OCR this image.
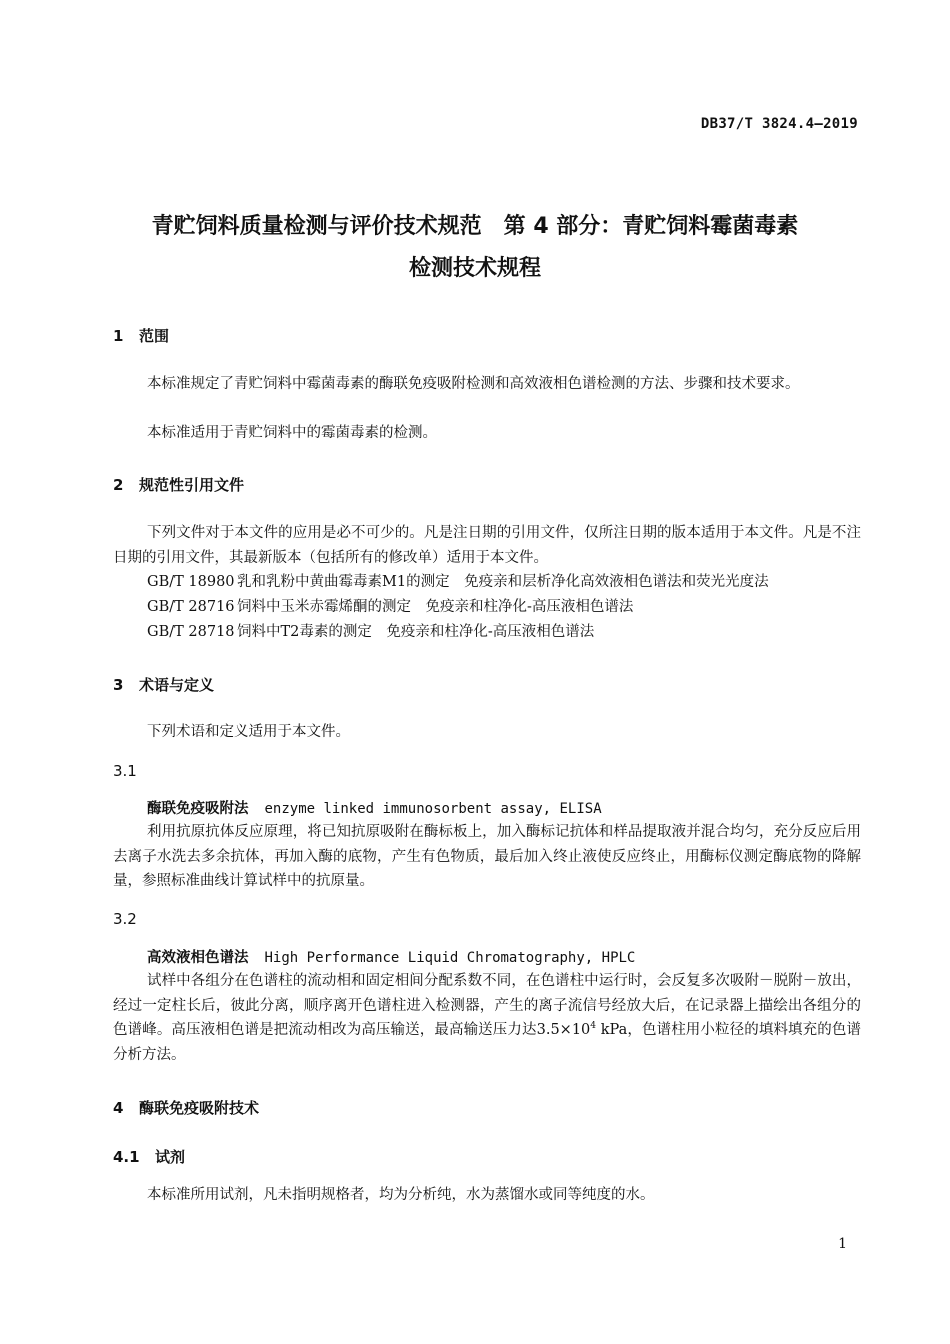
DB37/T 3824.4—2019
青贮饲料质量检测与评价技术规范　第 4 部分：青贮饲料霉菌毒素
检测技术规程
1 范围
本标准规定了青贮饲料中霉菌毒素的酶联免疫吸附检测和高效液相色谱检测的方法、步骤和技术要求。
本标准适用于青贮饲料中的霉菌毒素的检测。
2 规范性引用文件
下列文件对于本文件的应用是必不可少的。凡是注日期的引用文件，仅所注日期的版本适用于本文件。凡是不注日期的引用文件，其最新版本（包括所有的修改单）适用于本文件。
GB/T 18980 乳和乳粉中黄曲霉毒素M1的测定　免疫亲和层析净化高效液相色谱法和荧光光度法
GB/T 28716 饲料中玉米赤霉烯酮的测定　免疫亲和柱净化-高压液相色谱法
GB/T 28718 饲料中T2毒素的测定　免疫亲和柱净化-高压液相色谱法
3 术语与定义
下列术语和定义适用于本文件。
3.1
酶联免疫吸附法 enzyme linked immunosorbent assay, ELISA
利用抗原抗体反应原理，将已知抗原吸附在酶标板上，加入酶标记抗体和样品提取液并混合均匀，充分反应后用去离子水洗去多余抗体，再加入酶的底物，产生有色物质，最后加入终止液使反应终止，用酶标仪测定酶底物的降解量，参照标准曲线计算试样中的抗原量。
3.2
高效液相色谱法 High Performance Liquid Chromatography, HPLC
试样中各组分在色谱柱的流动相和固定相间分配系数不同，在色谱柱中运行时，会反复多次吸附－脱附－放出，经过一定柱长后，彼此分离，顺序离开色谱柱进入检测器，产生的离子流信号经放大后，在记录器上描绘出各组分的色谱峰。高压液相色谱是把流动相改为高压输送，最高输送压力达$3.5\times 10^4$ kPa，色谱柱用小粒径的填料填充的色谱分析方法。
4 酶联免疫吸附技术
4.1 试剂
本标准所用试剂，凡未指明规格者，均为分析纯，水为蒸馏水或同等纯度的水。
1
